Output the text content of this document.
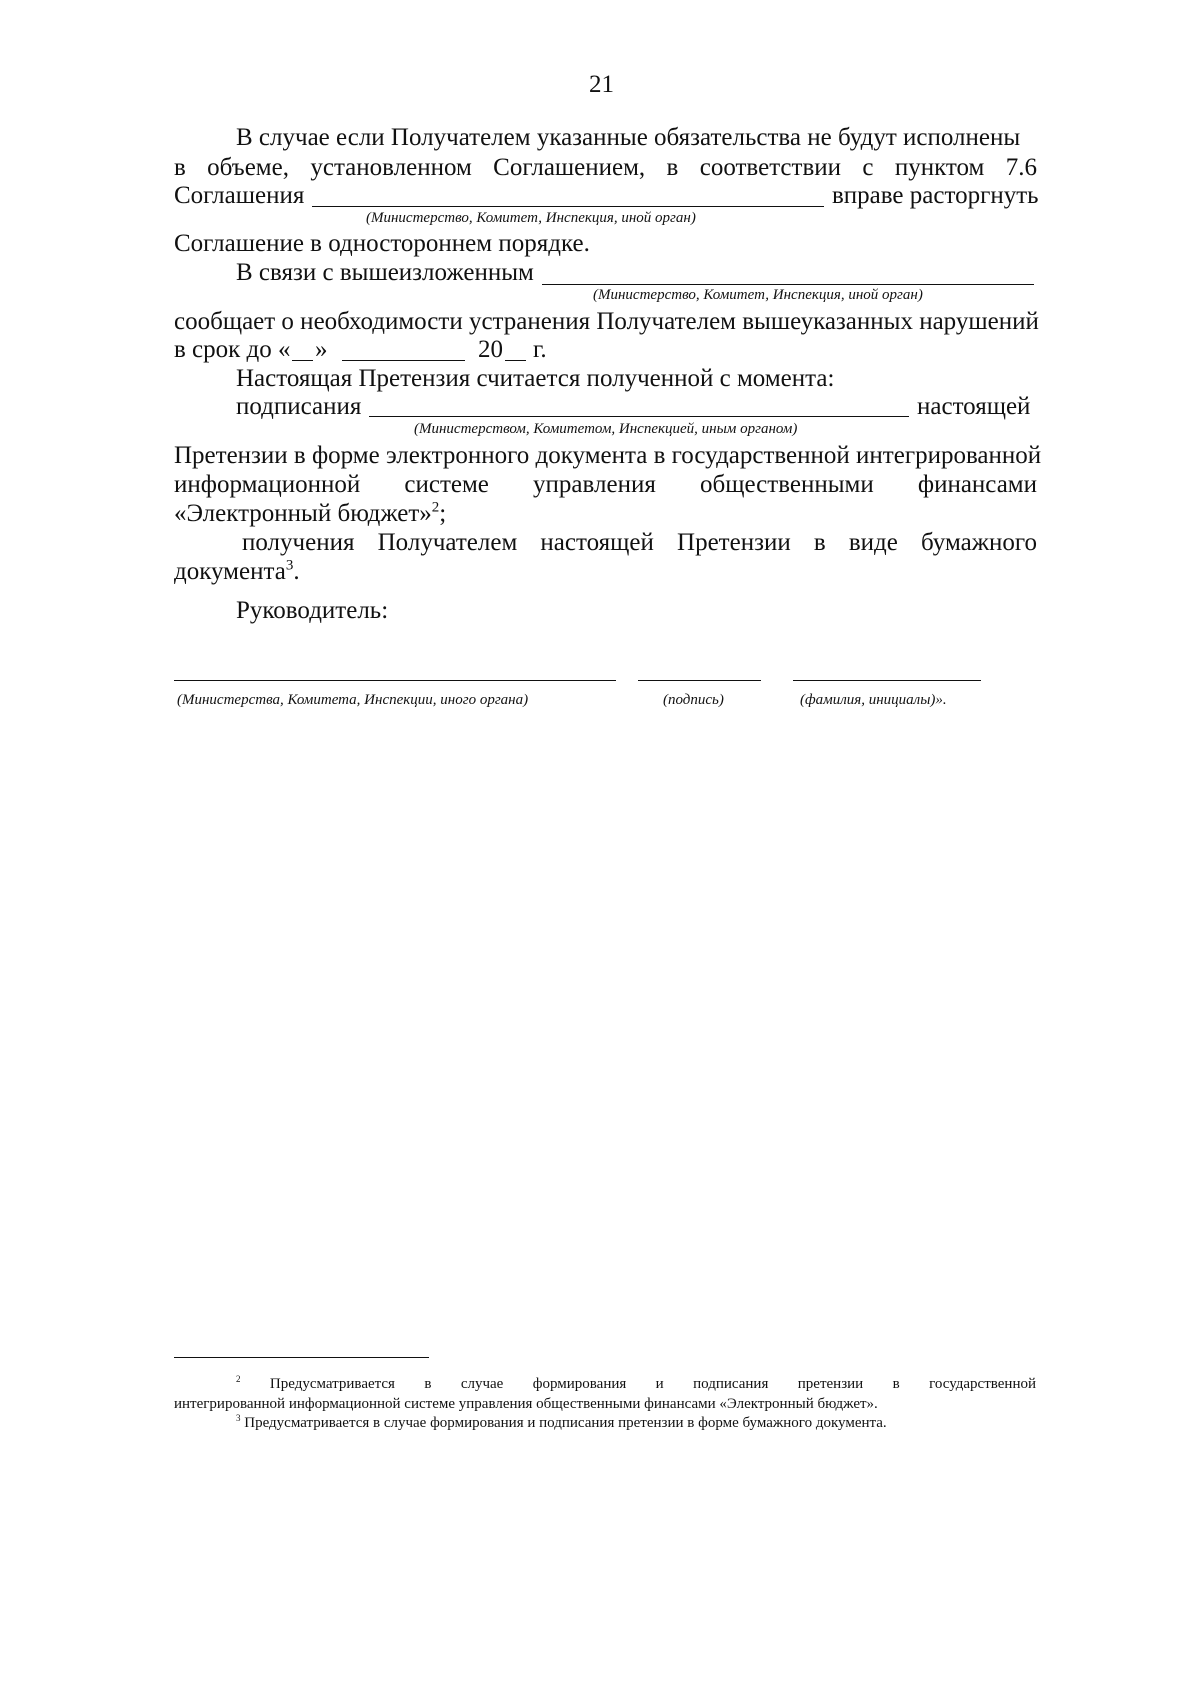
21
В случае если Получателем указанные обязательства не будут исполнены
в объеме, установленном Соглашением, в соответствии с пунктом 7.6
Соглашения	вправе расторгнуть
(Министерство, Комитет, Инспекция, иной орган)
Соглашение в одностороннем порядке.
В связи с вышеизложенным
(Министерство, Комитет, Инспекция, иной орган)
сообщает о необходимости устранения Получателем вышеуказанных нарушений
в срок до « »	20 г.
Настоящая Претензия считается полученной с момента:
подписания	настоящей
(Министерством, Комитетом, Инспекцией, иным органом)
Претензии в форме электронного документа в государственной интегрированной
информационной системе управления общественными финансами
«Электронный бюджет»$^2$;
получения Получателем настоящей Претензии в виде бумажного
документа$^3$.
Руководитель:
(Министерства, Комитета, Инспекции, иного органа)	(подпись)	(фамилия, инициалы)».
$^2$ Предусматривается в случае формирования и подписания претензии в государственной
интегрированной информационной системе управления общественными финансами «Электронный бюджет».
$^3$ Предусматривается в случае формирования и подписания претензии в форме бумажного документа.
